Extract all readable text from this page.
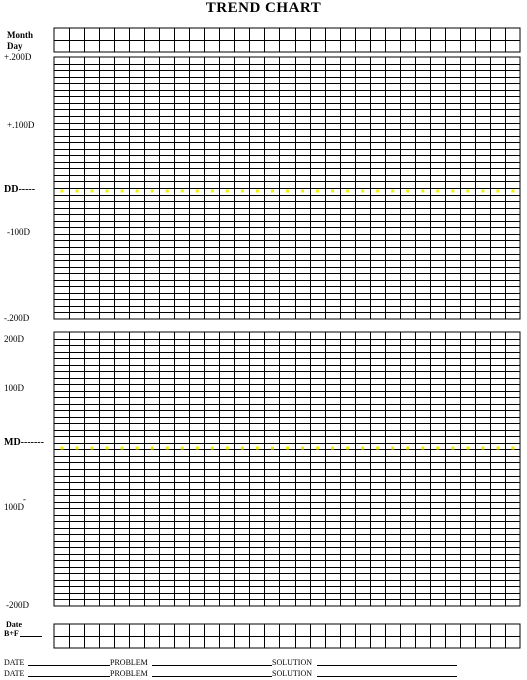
TREND CHART
Month
Day
+.200D
+.100D
DD-----
-100D
-.200D
200D
100D
MD-------
-
100D
-200D
Date
B+F
DATE	PROBLEM	SOLUTION
DATE	PROBLEM	SOLUTION
